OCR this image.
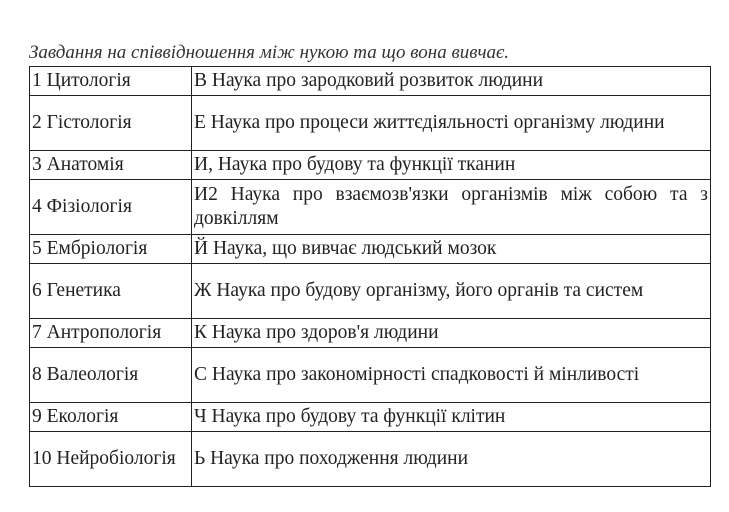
Завдання на співвідношення між нукою та що вона вивчає.
1 Цитологія	В Наука про зародковий розвиток людини
2 Гістологія	Е Наука про процеси життєдіяльності організму людини
3 Анатомія	И, Наука про будову та функції тканин
4 Фізіологія	И2 Наука про взаємозв'язки організмів між собою та з довкіллям
5 Ембріологія	Й Наука, що вивчає людський мозок
6 Генетика	Ж Наука про будову організму, його органів та систем
7 Антропологія	К Наука про здоров'я людини
8 Валеологія	С Наука про закономірності спадковості й мінливості
9 Екологія	Ч Наука про будову та функції клітин
10 Нейробіологія	Ь Наука про походження людини
